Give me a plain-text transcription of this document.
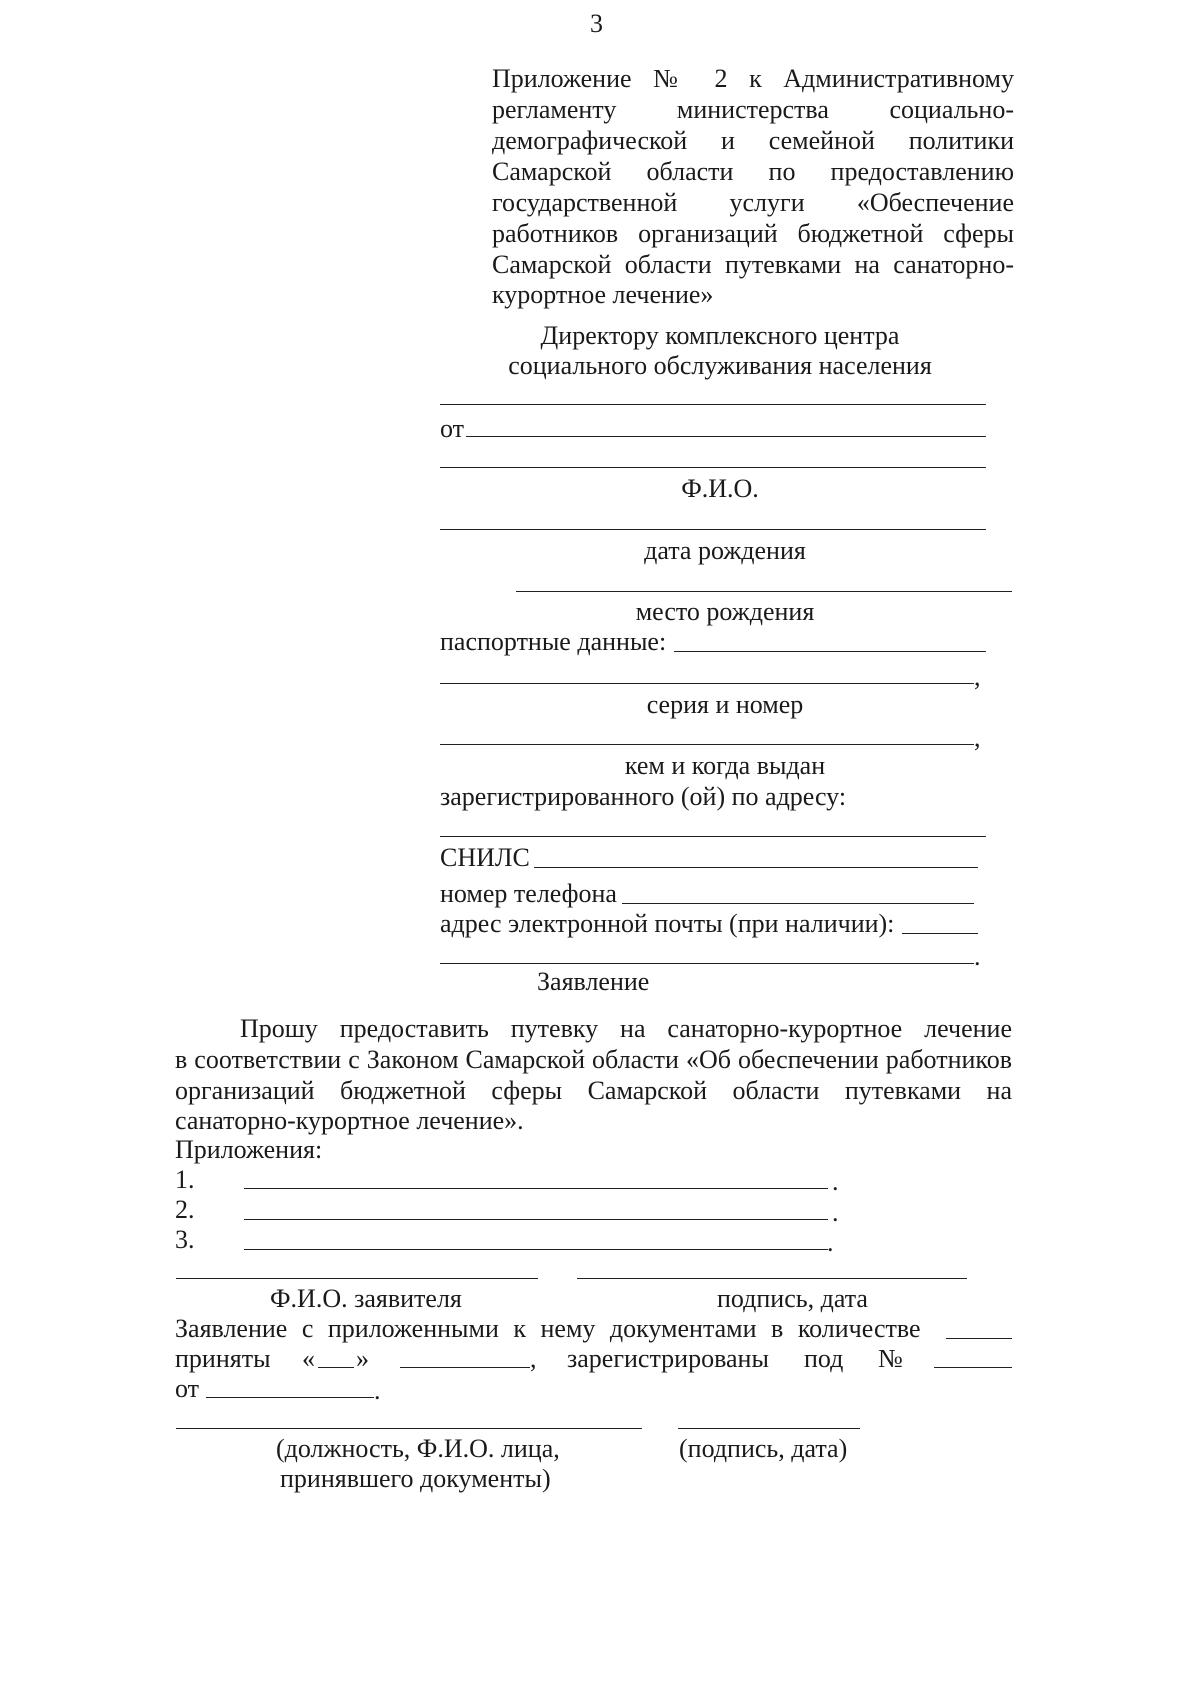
3
Приложение № 2 к Административному
регламенту министерства социально-
демографической и семейной политики
Самарской области по предоставлению
государственной услуги «Обеспечение
работников организаций бюджетной сферы
Самарской области путевками на санаторно-
курортное лечение»
Директору комплексного центра
социального обслуживания населения
от
Ф.И.О.
дата рождения
место рождения
паспортные данные:
,
серия и номер
,
кем и когда выдан
зарегистрированного (ой) по адресу:
СНИЛС
номер телефона
адрес электронной почты (при наличии):
.
Заявление
Прошу предоставить путевку на санаторно-курортное лечение
в соответствии с Законом Самарской области «Об обеспечении работников
организаций бюджетной сферы Самарской области путевками на
санаторно-курортное лечение».
Приложения:
1.	.
2.	.
3.	.
Ф.И.О. заявителя	подпись, дата
Заявление с приложенными к нему документами в количестве
приняты « »	, зарегистрированы под №
от	.
(должность, Ф.И.О. лица,	(подпись, дата)
принявшего документы)
